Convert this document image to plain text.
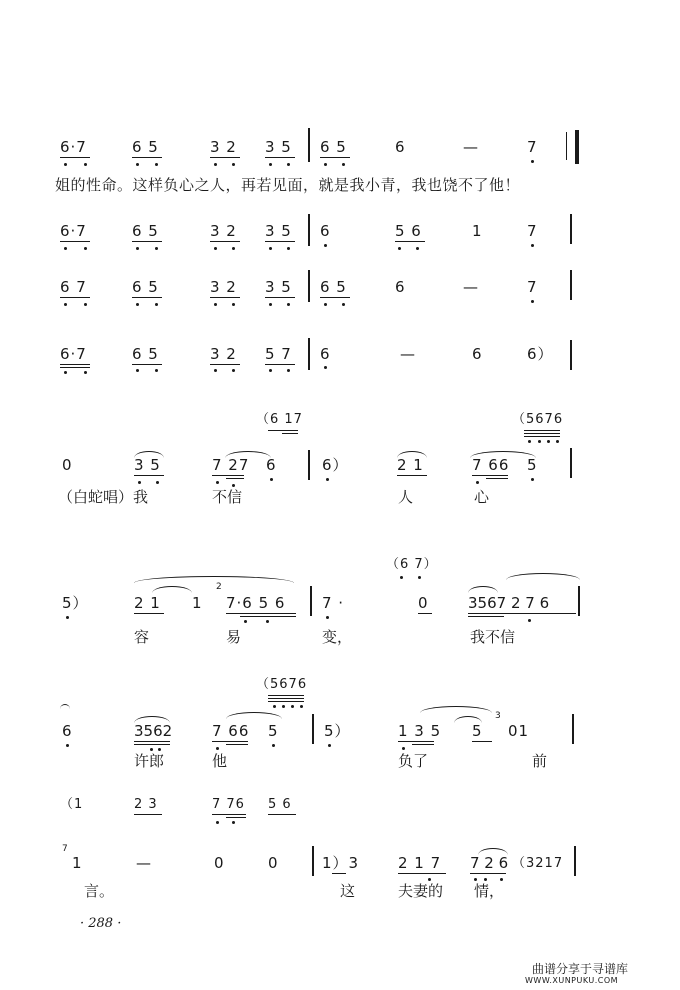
6·7	6 5	3 2 3 5 6 5	6	—	7
姐的性命。这样负心之人，再若见面，就是我小青，我也饶不了他！
6·7	6 5	3 2 3 5 6	5 6	1	7
6 7	6 5	3 2 3 5 6 5	6	—	7
6·7	6 5	3 2 5 7 6	—	6	6）
（6 17	（5676
0	3 5	7 27 6	6）	2 1	7 66 5
（白蛇唱）我	不信	人	心
（6 7）
5）	2 1 1
2
7·6 5 6 7 ·	0	3567 2 7 6
容	易	变，	我不信
（5676
6	3562	7 66 5	5）	1 3 5 5
3
01
许郎	他	负了	前
（1	2 3	7 76 5 6
7
1	—	0	0	1）3	2 1 7 7 2 6 （3217
言。	这	夫妻的 情，
· 288 ·
曲谱分享于寻谱库
WWW.XUNPUKU.COM
